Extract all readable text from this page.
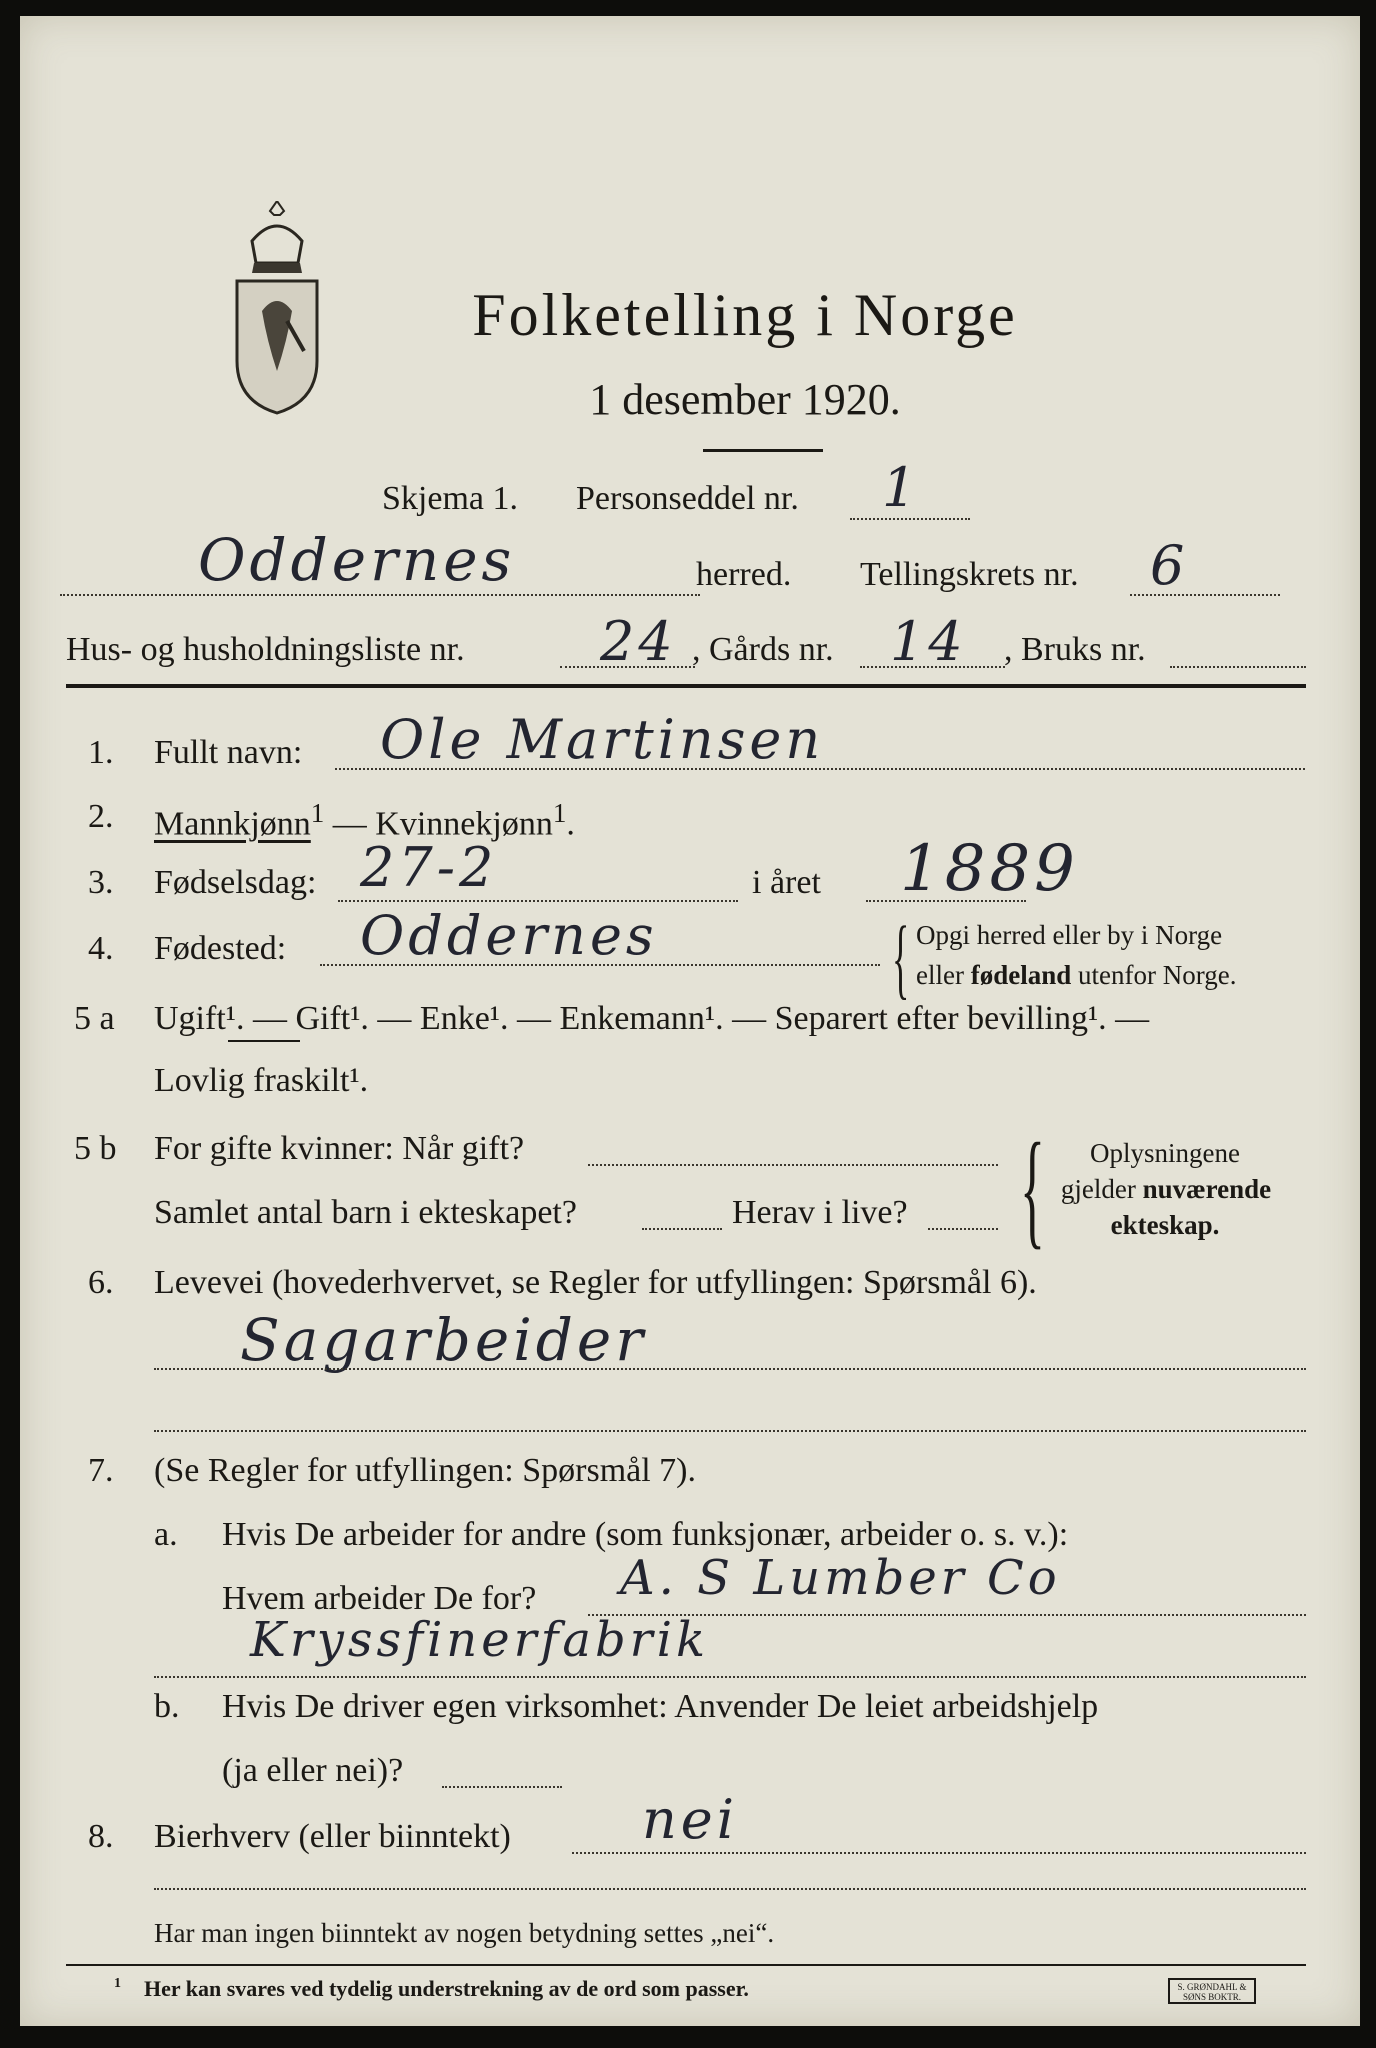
Folketelling i Norge
1 desember 1920.
Skjema 1. Personseddel nr. 1
Oddernes	herred. Tellingskrets nr. 6
Hus- og husholdningsliste nr.	24 , Gårds nr. 14 , Bruks nr.
1. Fullt navn: Ole Martinsen
2. Mannkjønn$^1$ — Kvinnekjønn$^1$.
3. Fødselsdag: 27-2	i året 1889
4. Fødested: Oddernes	{ Opgi herred eller by i Norge
eller fødeland utenfor Norge.
5 a Ugift¹. — Gift¹. — Enke¹. — Enkemann¹. — Separert efter bevilling¹. —
Lovlig fraskilt¹.
5 b For gifte kvinner: Når gift?
Samlet antal barn i ekteskapet?	Herav i live? {	Oplysningene
gjelder nuværende
ekteskap.
6. Levevei (hovederhvervet, se Regler for utfyllingen: Spørsmål 6).
Sagarbeider
7. (Se Regler for utfyllingen: Spørsmål 7).
a. Hvis De arbeider for andre (som funksjonær, arbeider o. s. v.):
Hvem arbeider De for? A. S Lumber Co
Kryssfinerfabrik
b. Hvis De driver egen virksomhet: Anvender De leiet arbeidshjelp
(ja eller nei)?
8. Bierhverv (eller biinntekt) nei
Har man ingen biinntekt av nogen betydning settes „nei“.
1 Her kan svares ved tydelig understrekning av de ord som passer.	S. GRØNDAHL & SØNS BOKTR.
